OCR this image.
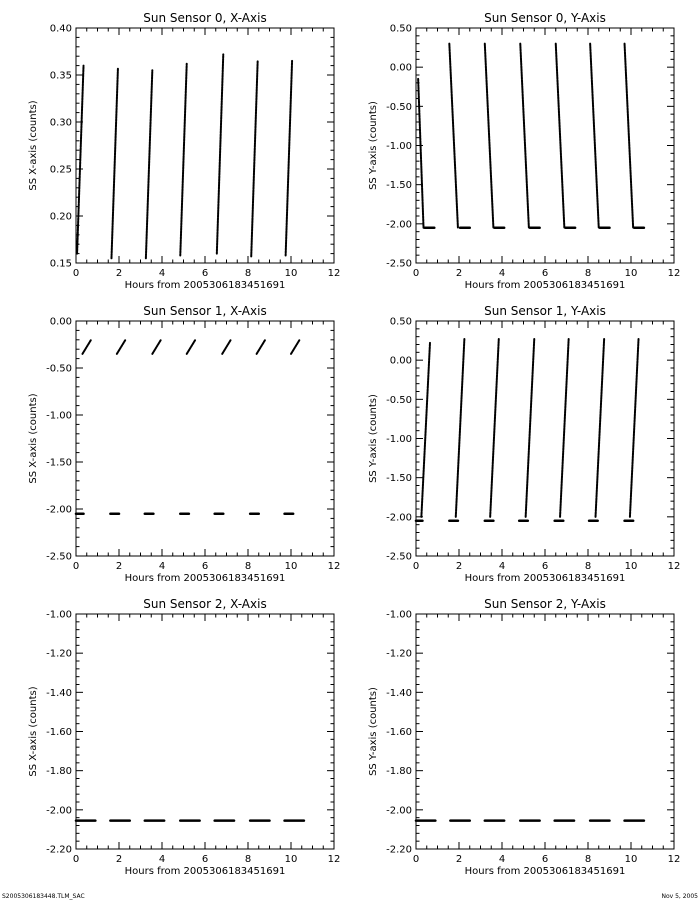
Sun Sensor 0, X-Axis
0	2	4	6	8	10	12
0.15
0.20
0.25
0.30
0.35
0.40
Hours from 2005306183451691
SS X-axis (counts)
Sun Sensor 0, Y-Axis
0	2	4	6	8	10	12
-2.50
-2.00
-1.50
-1.00
-0.50
0.00
0.50
Hours from 2005306183451691
SS Y-axis (counts)
Sun Sensor 1, X-Axis
0	2	4	6	8	10	12
-2.50
-2.00
-1.50
-1.00
-0.50
0.00
Hours from 2005306183451691
SS X-axis (counts)
Sun Sensor 1, Y-Axis
0	2	4	6	8	10	12
-2.50
-2.00
-1.50
-1.00
-0.50
0.00
0.50
Hours from 2005306183451691
SS Y-axis (counts)
Sun Sensor 2, X-Axis
0	2	4	6	8	10	12
-2.20
-2.00
-1.80
-1.60
-1.40
-1.20
-1.00
Hours from 2005306183451691
SS X-axis (counts)
Sun Sensor 2, Y-Axis
0	2	4	6	8	10	12
-2.20
-2.00
-1.80
-1.60
-1.40
-1.20
-1.00
Hours from 2005306183451691
SS Y-axis (counts)
S2005306183448.TLM_SAC	Nov 5, 2005
